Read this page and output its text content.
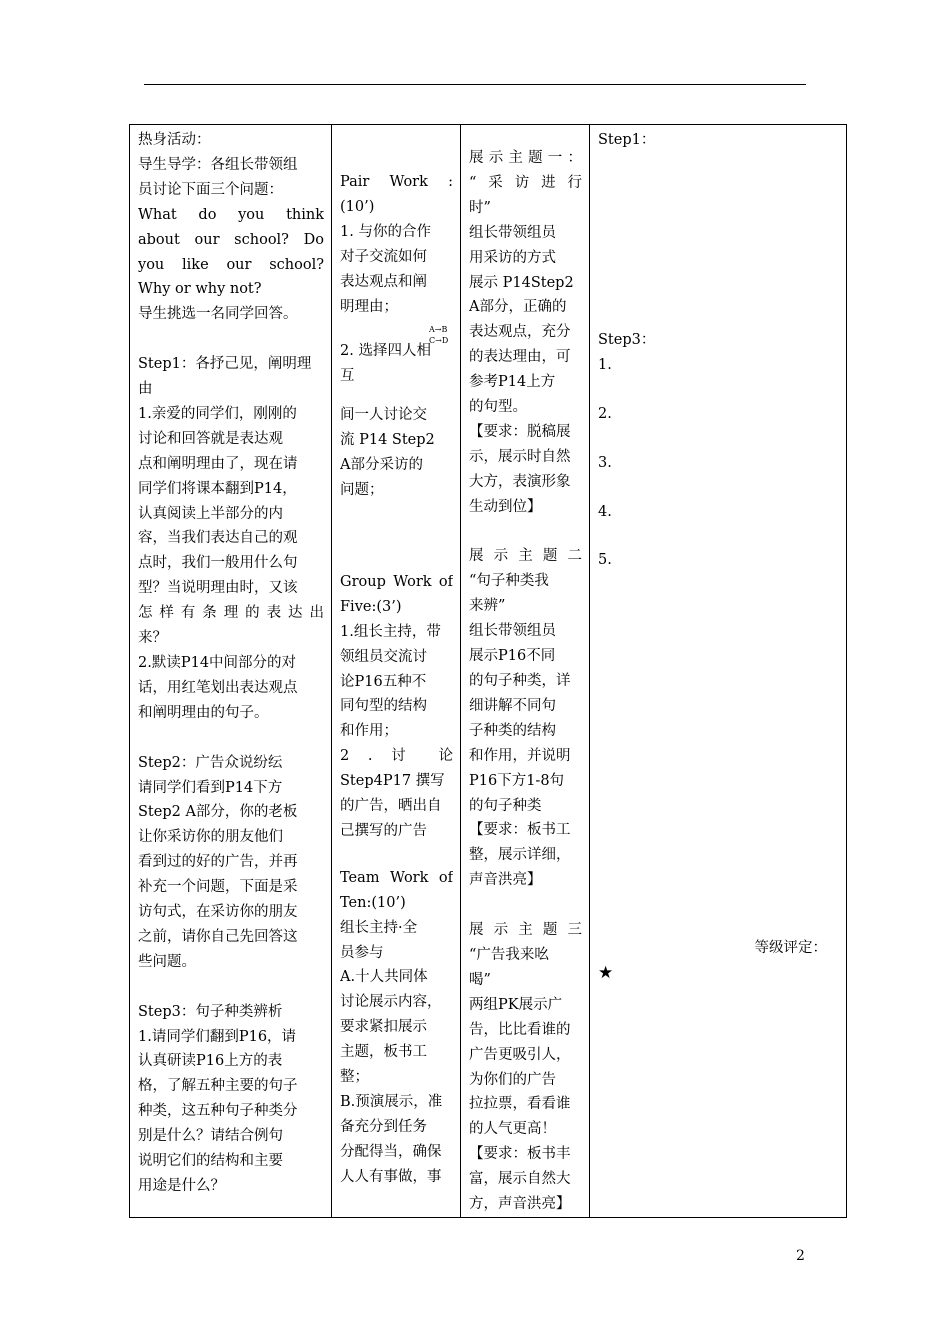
热身活动：
导生导学：各组长带领组
员讨论下面三个问题：
What do you think
about our school? Do
you like our school?
Why or why not?
导生挑选一名同学回答。
Step1：各抒己见，阐明理
由
1.亲爱的同学们，刚刚的
讨论和回答就是表达观
点和阐明理由了，现在请
同学们将课本翻到P14，
认真阅读上半部分的内
容，当我们表达自己的观
点时，我们一般用什么句
型？当说明理由时，又该
怎样有条理的表达出
来？
2.默读P14中间部分的对
话，用红笔划出表达观点
和阐明理由的句子。
Step2：广告众说纷纭
请同学们看到P14下方
Step2 A部分，你的老板
让你采访你的朋友他们
看到过的好的广告，并再
补充一个问题，下面是采
访句式，在采访你的朋友
之前，请你自己先回答这
些问题。
Step3：句子种类辨析
1.请同学们翻到P16，请
认真研读P16上方的表
格，了解五种主要的句子
种类，这五种句子种类分
别是什么？请结合例句
说明它们的结构和主要
用途是什么？

Pair Work :
(10’)
1. 与你的合作
对子交流如何
表达观点和阐
明理由；
A→B
C→D
2. 选择四人相
互
间一人讨论交
流 P14 Step2
A部分采访的
问题；
Group Work of
Five:(3’)
1.组长主持，带
领组员交流讨
论P16五种不
同句型的结构
和作用；
2 . 讨 论
Step4P17 撰写
的广告，晒出自
己撰写的广告
Team Work of
Ten:(10’)
组长主持·全
员参与
A.十人共同体
讨论展示内容，
要求紧扣展示
主题，板书工
整；
B.预演展示，准
备充分到任务
分配得当，确保
人人有事做，事

展示主题一：
“采访进行
时”
组长带领组员
用采访的方式
展示 P14Step2
A部分，正确的
表达观点，充分
的表达理由，可
参考P14上方
的句型。
【要求：脱稿展
示，展示时自然
大方，表演形象
生动到位】
展示主题二
“句子种类我
来辨”
组长带领组员
展示P16不同
的句子种类，详
细讲解不同句
子种类的结构
和作用，并说明
P16下方1-8句
的句子种类
【要求：板书工
整，展示详细，
声音洪亮】
展示主题三
“广告我来吆
喝”
两组PK展示广
告，比比看谁的
广告更吸引人，
为你们的广告
拉拉票，看看谁
的人气更高！
【要求：板书丰
富，展示自然大
方，声音洪亮】

Step1：
Step3：
1.
2.
3.
4.
5.
等级评定：
★
2
